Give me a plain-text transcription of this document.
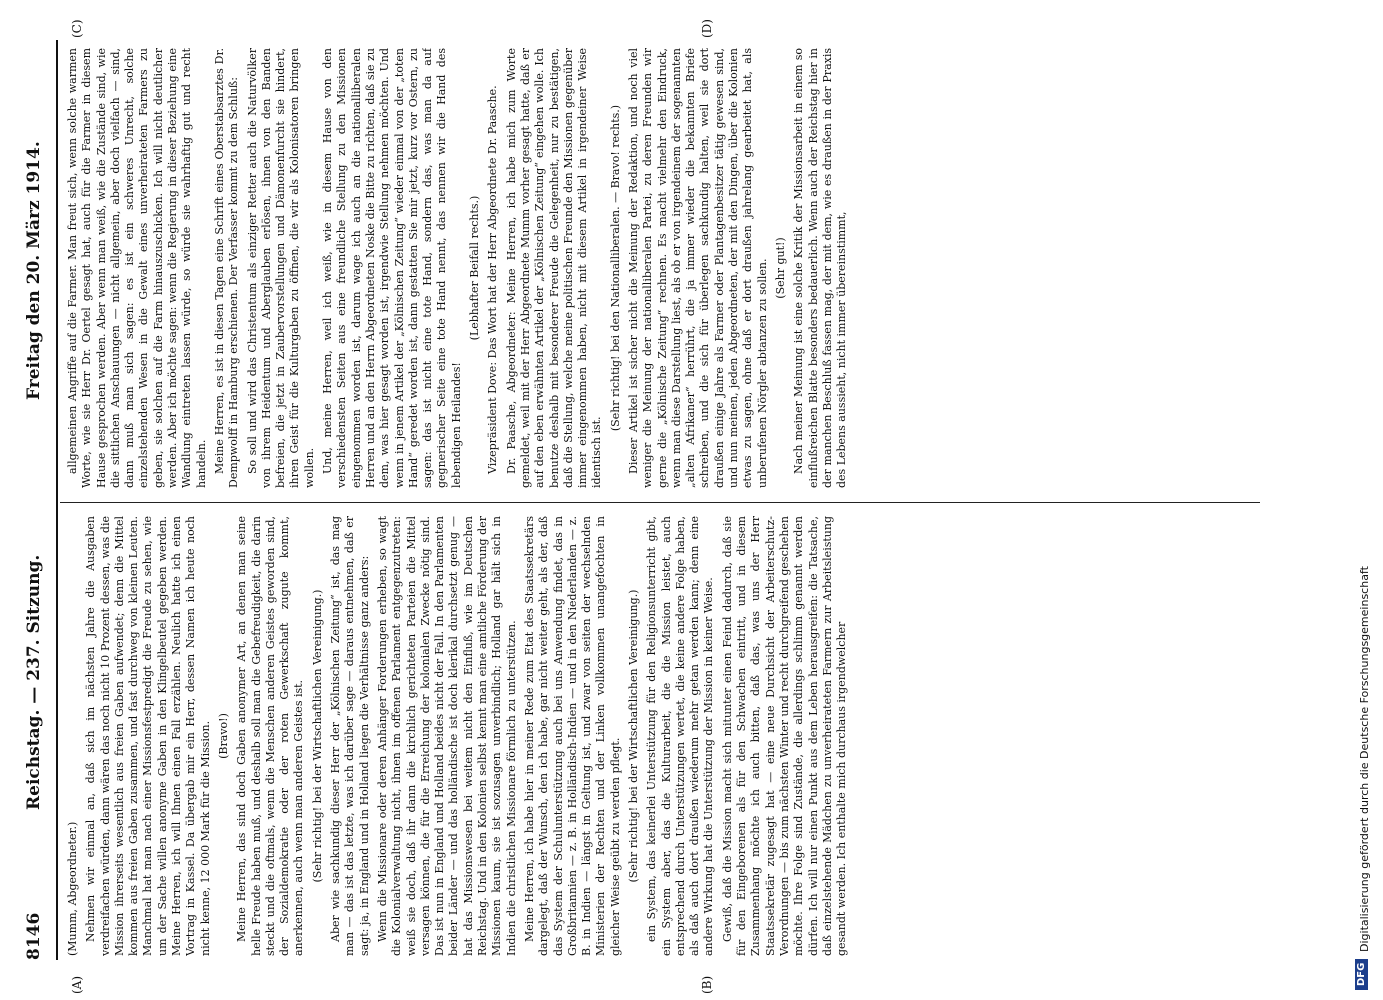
8146
Reichstag. — 237. Sitzung.
Freitag den 20. März 1914.
(A)	(B)
(C)	(D)

(Mumm, Abgeordneter.) Nehmen wir einmal an, daß sich im nächsten Jahre die Ausgaben verdreifachen würden, dann wären das noch nicht 10 Prozent dessen, was die Mission ihrerseits wesentlich aus freien Gaben aufwendet; denn die Mittel kommen aus freien Gaben zusammen, und fast durchweg von kleinen Leuten. Manchmal hat man nach einer Missionsfestpredigt die Freude zu sehen, wie um der Sache willen anonyme Gaben in den Klingelbeutel gegeben werden. Meine Herren, ich will Ihnen einen Fall erzählen. Neulich hatte ich einen Vortrag in Kassel. Da übergab mir ein Herr, dessen Namen ich heute noch nicht kenne, 12 000 Mark für die Mission. (Bravo!) Meine Herren, das sind doch Gaben anonymer Art, an denen man seine helle Freude haben muß, und deshalb soll man die Gebefreudigkeit, die darin steckt und die oftmals, wenn die Menschen anderen Geistes geworden sind, der Sozialdemokratie oder der roten Gewerkschaft zugute kommt, anerkennen, auch wenn man anderen Geistes ist. (Sehr richtig! bei der Wirtschaftlichen Vereinigung.) Aber wie sachkundig dieser Herr der „Kölnischen Zeitung“ ist, das mag man — das ist das letzte, was ich darüber sage — daraus entnehmen, daß er sagt: ja, in England und in Holland liegen die Verhältnisse ganz anders: Wenn die Missionare oder deren Anhänger Forderungen erheben, so wagt die Kolonialverwaltung nicht, ihnen im offenen Parlament entgegenzutreten: weiß sie doch, daß ihr dann die kirchlich gerichteten Parteien die Mittel versagen können, die für die Erreichung der kolonialen Zwecke nötig sind. Das ist nun in England und Holland beides nicht der Fall. In den Parlamenten beider Länder — und das holländische ist doch klerikal durchsetzt genug — hat das Missionswesen bei weitem nicht den Einfluß, wie im Deutschen Reichstag. Und in den Kolonien selbst kennt man eine amtliche Förderung der Missionen kaum, sie ist sozusagen unverbindlich; Holland gar hält sich in Indien die christlichen Missionare förmlich zu unterstützen. Meine Herren, ich habe hier in meiner Rede zum Etat des Staatssekretärs dargelegt, daß der Wunsch, den ich habe, gar nicht weiter geht, als der, daß das System der Schulunterstützung auch bei uns Anwendung findet, das in Großbritannien — z. B. in Holländisch-Indien — und in den Niederlanden — z. B. in Indien — längst in Geltung ist, und zwar von seiten der wechselnden Ministerien der Rechten und der Linken vollkommen unangefochten in gleicher Weise geübt zu werden pflegt. (Sehr richtig! bei der Wirtschaftlichen Vereinigung.) ein System, das keinerlei Unterstützung für den Religionsunterricht gibt, ein System aber, das die Kulturarbeit, die die Mission leistet, auch entsprechend durch Unterstützungen wertet, die keine andere Folge haben, als daß auch dort draußen wiederum mehr getan werden kann; denn eine andere Wirkung hat die Unterstützung der Mission in keiner Weise. Gewiß, daß die Mission macht sich mitunter einen Feind dadurch, daß sie für den Eingeborenen als für den Schwachen eintritt, und in diesem Zusammenhang möchte ich auch bitten, daß das, was uns der Herr Staatssekretär zugesagt hat — eine neue Durchsicht der Arbeiterschutz-Verordnungen — bis zum nächsten Winter und recht durchgreifend geschehen möchte. Ihre Folge sind Zustände, die allerdings schlimm genannt werden dürfen. Ich will nur einen Punkt aus dem Leben herausgreifen: die Tatsache, daß einzelstehende Mädchen zu unverheirateten Farmern zur Arbeitsleistung gesandt werden. Ich enthalte mich durchaus irgendwelcher

allgemeinen Angriffe auf die Farmer. Man freut sich, wenn solche warmen Worte, wie sie Herr Dr. Oertel gesagt hat, auch für die Farmer in diesem Hause gesprochen werden. Aber wenn man weiß, wie die Zustände sind, wie die sittlichen Anschauungen — nicht allgemein, aber doch vielfach — sind, dann muß man sich sagen: es ist ein schweres Unrecht, solche einzelstehenden Wesen in die Gewalt eines unverheirateten Farmers zu geben, sie solchen auf die Farm hinauszuschicken. Ich will nicht deutlicher werden. Aber ich möchte sagen: wenn die Regierung in dieser Beziehung eine Wandlung eintreten lassen würde, so würde sie wahrhaftig gut und recht handeln. Meine Herren, es ist in diesen Tagen eine Schrift eines Oberstabsarztes Dr. Dempwolff in Hamburg erschienen. Der Verfasser kommt zu dem Schluß: So soll und wird das Christentum als einziger Retter auch die Naturvölker von ihrem Heidentum und Aberglauben erlösen, ihnen von den Banden befreien, die jetzt in Zaubervorstellungen und Dämonenfurcht sie hindert, ihren Geist für die Kulturgaben zu öffnen, die wir als Kolonisatoren bringen wollen. Und, meine Herren, weil ich weiß, wie in diesem Hause von den verschiedensten Seiten aus eine freundliche Stellung zu den Missionen eingenommen worden ist, darum wage ich auch an die nationalliberalen Herren und an den Herrn Abgeordneten Noske die Bitte zu richten, daß sie zu dem, was hier gesagt worden ist, irgendwie Stellung nehmen möchten. Und wenn in jenem Artikel der „Kölnischen Zeitung“ wieder einmal von der „toten Hand“ geredet worden ist, dann gestatten Sie mir jetzt, kurz vor Ostern, zu sagen: das ist nicht eine tote Hand, sondern das, was man da auf gegnerischer Seite eine tote Hand nennt, das nennen wir die Hand des lebendigen Heilandes!

(Lebhafter Beifall rechts.) Vizepräsident Dove: Das Wort hat der Herr Abgeordnete Dr. Paasche. Dr. Paasche, Abgeordneter: Meine Herren, ich habe mich zum Worte gemeldet, weil mit der Herr Abgeordnete Mumm vorher gesagt hatte, daß er auf den eben erwähnten Artikel der „Kölnischen Zeitung“ eingehen wolle. Ich benutze deshalb mit besonderer Freude die Gelegenheit, nur zu bestätigen, daß die Stellung, welche meine politischen Freunde den Missionen gegenüber immer eingenommen haben, nicht mit diesem Artikel in irgendeiner Weise identisch ist.

(Sehr richtig! bei den Nationalliberalen. — Bravo! rechts.) Dieser Artikel ist sicher nicht die Meinung der Redaktion, und noch viel weniger die Meinung der nationalliberalen Partei, zu deren Freunden wir gerne die „Kölnische Zeitung“ rechnen. Es macht vielmehr den Eindruck, wenn man diese Darstellung liest, als ob er von irgendeinem der sogenannten „alten Afrikaner“ herrührt, die ja immer wieder die bekannten Briefe schreiben, und die sich für überlegen sachkundig halten, weil sie dort draußen einige Jahre als Farmer oder Plantagenbesitzer tätig gewesen sind, und nun meinen, jeden Abgeordneten, der mit den Dingen, über die Kolonien etwas zu sagen, ohne daß er dort draußen jahrelang gearbeitet hat, als unberufenen Nörgler abtanzen zu sollen. (Sehr gut!) Nach meiner Meinung ist eine solche Kritik der Missionsarbeit in einem so einflußreichen Blatte besonders bedauerlich. Wenn auch der Reichstag hier in der manchen Beschluß fassen mag, der mit dem, wie es draußen in der Praxis des Lebens aussieht, nicht immer übereinstimmt,

DFG
Digitalisierung gefördert durch die Deutsche Forschungsgemeinschaft
